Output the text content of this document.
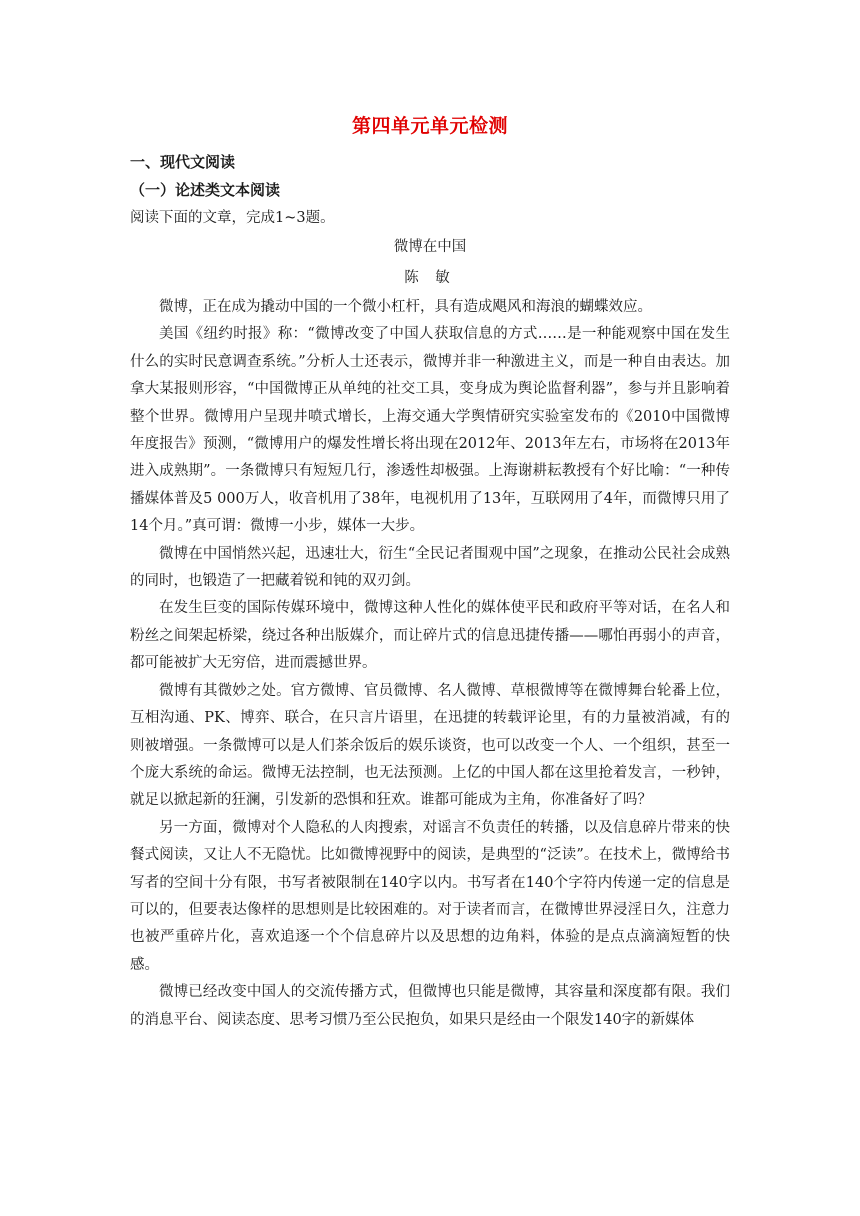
第四单元单元检测

一、现代文阅读

（一）论述类文本阅读

阅读下面的文章，完成1~3题。

微博在中国

陈 敏

微博，正在成为撬动中国的一个微小杠杆，具有造成飓风和海浪的蝴蝶效应。

美国《纽约时报》称：“微博改变了中国人获取信息的方式……是一种能观察中国在发生什么的实时民意调查系统。”分析人士还表示，微博并非一种激进主义，而是一种自由表达。加拿大某报则形容，“中国微博正从单纯的社交工具，变身成为舆论监督利器”，参与并且影响着整个世界。微博用户呈现井喷式增长，上海交通大学舆情研究实验室发布的《2010中国微博年度报告》预测，“微博用户的爆发性增长将出现在2012年、2013年左右，市场将在2013年进入成熟期”。一条微博只有短短几行，渗透性却极强。上海谢耕耘教授有个好比喻：“一种传播媒体普及5 000万人，收音机用了38年，电视机用了13年，互联网用了4年，而微博只用了14个月。”真可谓：微博一小步，媒体一大步。

微博在中国悄然兴起，迅速壮大，衍生“全民记者围观中国”之现象，在推动公民社会成熟的同时，也锻造了一把藏着锐和钝的双刃剑。

在发生巨变的国际传媒环境中，微博这种人性化的媒体使平民和政府平等对话，在名人和粉丝之间架起桥梁，绕过各种出版媒介，而让碎片式的信息迅捷传播——哪怕再弱小的声音，都可能被扩大无穷倍，进而震撼世界。

微博有其微妙之处。官方微博、官员微博、名人微博、草根微博等在微博舞台轮番上位，互相沟通、PK、博弈、联合，在只言片语里，在迅捷的转载评论里，有的力量被消减，有的则被增强。一条微博可以是人们茶余饭后的娱乐谈资，也可以改变一个人、一个组织，甚至一个庞大系统的命运。微博无法控制，也无法预测。上亿的中国人都在这里抢着发言，一秒钟，就足以掀起新的狂澜，引发新的恐惧和狂欢。谁都可能成为主角，你准备好了吗？

另一方面，微博对个人隐私的人肉搜索，对谣言不负责任的转播，以及信息碎片带来的快餐式阅读，又让人不无隐忧。比如微博视野中的阅读，是典型的“泛读”。在技术上，微博给书写者的空间十分有限，书写者被限制在140字以内。书写者在140个字符内传递一定的信息是可以的，但要表达像样的思想则是比较困难的。对于读者而言，在微博世界浸淫日久，注意力也被严重碎片化，喜欢追逐一个个信息碎片以及思想的边角料，体验的是点点滴滴短暂的快感。

微博已经改变中国人的交流传播方式，但微博也只能是微博，其容量和深度都有限。我们的消息平台、阅读态度、思考习惯乃至公民抱负，如果只是经由一个限发140字的新媒体
